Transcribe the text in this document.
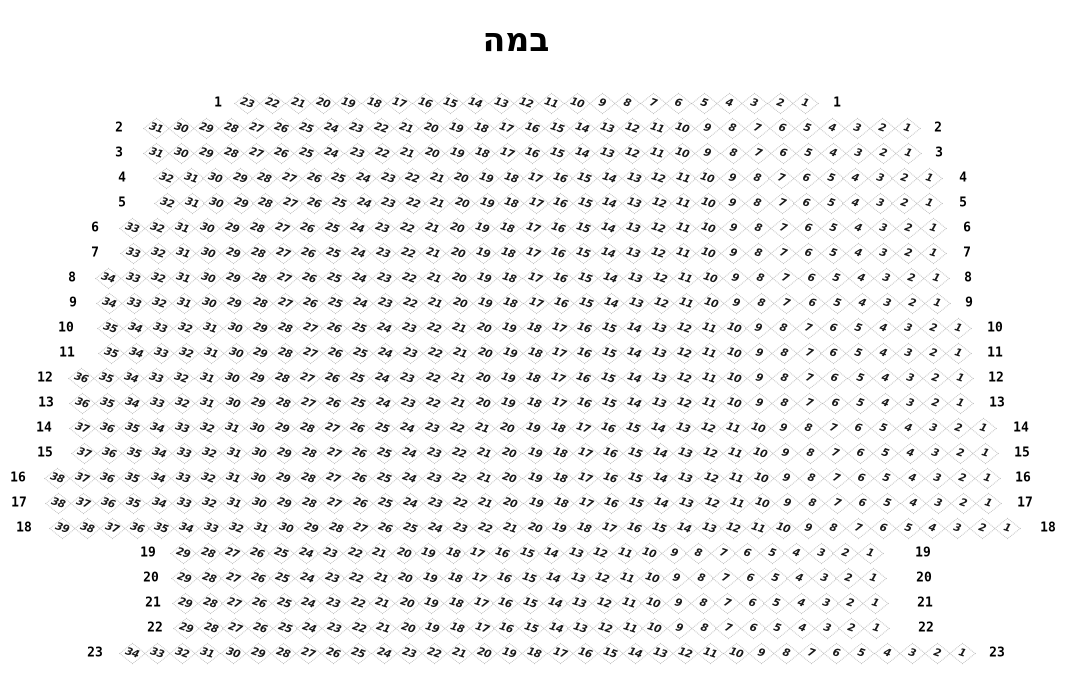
במה
1	23 22 21 20 19 18 17 16 15 14 13 12 11 10	9	8	7	6	5	4	3	2	1	1
2	31 30 29 28 27 26 25 24 23 22 21 20 19 18 17 16 15 14 13 12 11 10	9	8	7	6	5	4	3	2	1	2
3	31 30 29 28 27 26 25 24 23 22 21 20 19 18 17 16 15 14 13 12 11 10	9	8	7	6	5	4	3	2	1	3
4	32 31 30 29 28 27 26 25 24 23 22 21 20 19 18 17 16 15 14 13 12 11 10	9	8	7	6	5	4	3	2	1	4
5	32 31 30 29 28 27 26 25 24 23 22 21 20 19 18 17 16 15 14 13 12 11 10	9	8	7	6	5	4	3	2	1	5
6	33 32 31 30 29 28 27 26 25 24 23 22 21 20 19 18 17 16 15 14 13 12 11 10	9	8	7	6	5	4	3	2	1	6
7	33 32 31 30 29 28 27 26 25 24 23 22 21 20 19 18 17 16 15 14 13 12 11 10	9	8	7	6	5	4	3	2	1	7
8	34 33 32 31 30 29 28 27 26 25 24 23 22 21 20 19 18 17 16 15 14 13 12 11 10	9	8	7	6	5	4	3	2	1	8
9	34 33 32 31 30 29 28 27 26 25 24 23 22 21 20 19 18 17 16 15 14 13 12 11 10	9	8	7	6	5	4	3	2	1	9
10	35 34 33 32 31 30 29 28 27 26 25 24 23 22 21 20 19 18 17 16 15 14 13 12 11 10	9	8	7	6	5	4	3	2	1	10
11	35 34 33 32 31 30 29 28 27 26 25 24 23 22 21 20 19 18 17 16 15 14 13 12 11 10	9	8	7	6	5	4	3	2	1	11
12	36 35 34 33 32 31 30 29 28 27 26 25 24 23 22 21 20 19 18 17 16 15 14 13 12 11 10	9	8	7	6	5	4	3	2	1	12
13	36 35 34 33 32 31 30 29 28 27 26 25 24 23 22 21 20 19 18 17 16 15 14 13 12 11 10	9	8	7	6	5	4	3	2	1	13
14	37 36 35 34 33 32 31 30 29 28 27 26 25 24 23 22 21 20 19 18 17 16 15 14 13 12 11 10	9	8	7	6	5	4	3	2	1	14
15	37 36 35 34 33 32 31 30 29 28 27 26 25 24 23 22 21 20 19 18 17 16 15 14 13 12 11 10	9	8	7	6	5	4	3	2	1	15
16	38 37 36 35 34 33 32 31 30 29 28 27 26 25 24 23 22 21 20 19 18 17 16 15 14 13 12 11 10	9	8	7	6	5	4	3	2	1	16
17	38 37 36 35 34 33 32 31 30 29 28 27 26 25 24 23 22 21 20 19 18 17 16 15 14 13 12 11 10	9	8	7	6	5	4	3	2	1	17
18	39 38 37 36 35 34 33 32 31 30 29 28 27 26 25 24 23 22 21 20 19 18 17 16 15 14 13 12 11 10	9	8	7	6	5	4	3	2	1	18
19	29 28 27 26 25 24 23 22 21 20 19 18 17 16 15 14 13 12 11 10	9	8	7	6	5	4	3	2	1	19
20	29 28 27 26 25 24 23 22 21 20 19 18 17 16 15 14 13 12 11 10	9	8	7	6	5	4	3	2	1	20
21	29 28 27 26 25 24 23 22 21 20 19 18 17 16 15 14 13 12 11 10	9	8	7	6	5	4	3	2	1	21
22	29 28 27 26 25 24 23 22 21 20 19 18 17 16 15 14 13 12 11 10	9	8	7	6	5	4	3	2	1	22
23	34 33 32 31 30 29 28 27 26 25 24 23 22 21 20 19 18 17 16 15 14 13 12 11 10	9	8	7	6	5	4	3	2	1	23
